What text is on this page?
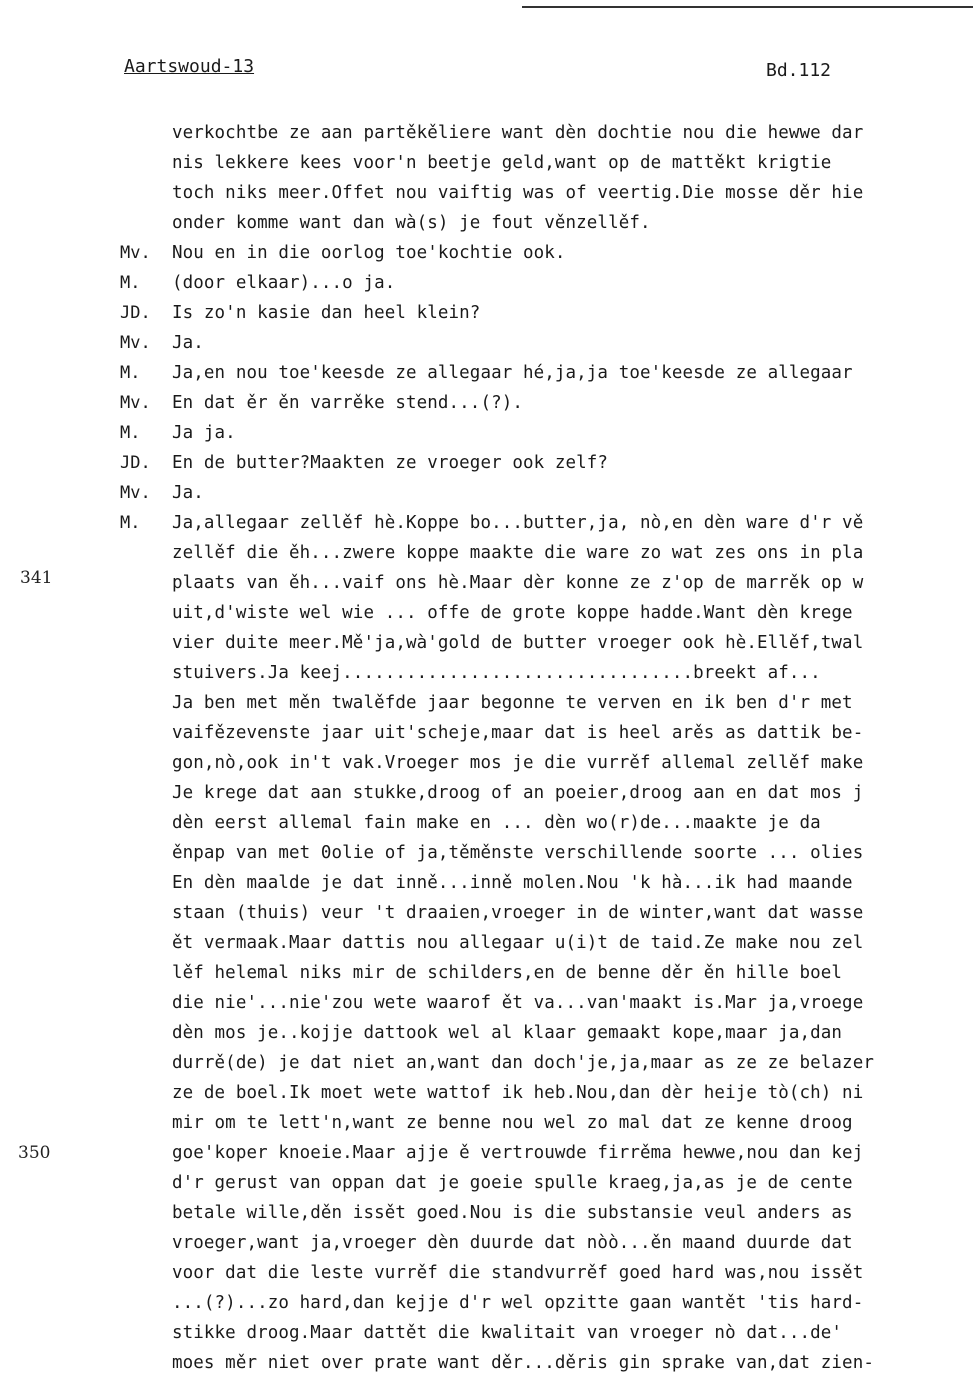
Aartswoud-13	Bd.112
341
350
verkochtbe ze aan partěkěliere want dèn dochtie nou die hewwe dar
nis lekkere kees voor'n beetje geld,want op de mattěkt krigtie
toch niks meer.Offet nou vaiftig was of veertig.Die mosse děr hie
onder komme want dan wà(s) je fout věnzellěf.
Mv. Nou en in die oorlog toe'kochtie ook.
M. (door elkaar)...o ja.
JD. Is zo'n kasie dan heel klein?
Mv. Ja.
M. Ja,en nou toe'keesde ze allegaar hé,ja,ja toe'keesde ze allegaar
Mv. En dat ěr ěn varrěke stend...(?).
M. Ja ja.
JD. En de butter?Maakten ze vroeger ook zelf?
Mv. Ja.
M. Ja,allegaar zellěf hè.Koppe bo...butter,ja, nò,en dèn ware d'r vě
zellěf die ěh...zwere koppe maakte die ware zo wat zes ons in pla
plaats van ěh...vaif ons hè.Maar dèr konne ze z'op de marrěk op w
uit,d'wiste wel wie ... offe de grote koppe hadde.Want dèn krege
vier duite meer.Mě'ja,wà'gold de butter vroeger ook hè.Ellěf,twal
stuivers.Ja keej.................................breekt af...
Ja ben met měn twalěfde jaar begonne te verven en ik ben d'r met
vaifězevenste jaar uit'scheje,maar dat is heel arěs as dattik be-
gon,nò,ook in't vak.Vroeger mos je die vurrěf allemal zellěf make
Je krege dat aan stukke,droog of an poeier,droog aan en dat mos j
dèn eerst allemal fain make en ... dèn wo(r)de...maakte je da
ěnpap van met 0olie of ja,těměnste verschillende soorte ... olies
En dèn maalde je dat inně...inně molen.Nou 'k hà...ik had maande
staan (thuis) veur 't draaien,vroeger in de winter,want dat wasse
ět vermaak.Maar dattis nou allegaar u(i)t de taid.Ze make nou zel
lěf helemal niks mir de schilders,en de benne děr ěn hille boel
die nie'...nie'zou wete waarof ět va...van'maakt is.Mar ja,vroege
dèn mos je..kojje dattook wel al klaar gemaakt kope,maar ja,dan
durrě(de) je dat niet an,want dan doch'je,ja,maar as ze ze belazer
ze de boel.Ik moet wete wattof ik heb.Nou,dan dèr heije tò(ch) ni
mir om te lett'n,want ze benne nou wel zo mal dat ze kenne droog
goe'koper knoeie.Maar ajje ě vertrouwde firrěma hewwe,nou dan kej
d'r gerust van oppan dat je goeie spulle kraeg,ja,as je de cente
betale wille,děn issět goed.Nou is die substansie veul anders as
vroeger,want ja,vroeger dèn duurde dat nòò...ěn maand duurde dat
voor dat die leste vurrěf die standvurrěf goed hard was,nou issět
...(?)...zo hard,dan kejje d'r wel opzitte gaan wantět 'tis hard-
stikke droog.Maar dattět die kwalitait van vroeger nò dat...de'
moes měr niet over prate want děr...děris gin sprake van,dat zien-
